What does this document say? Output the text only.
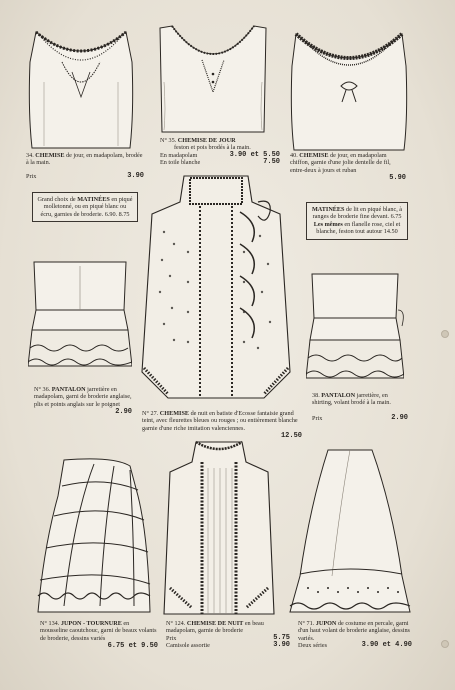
34. CHEMISE de jour, en madapolam, brodée à la main.
Prix	3.90
N° 35. CHEMISE DE JOUR
feston et pois brodés à la main.
En madapolam	3.90 et 5.50
En toile blanche	7.50
40. CHEMISE de jour, en madapolam chiffon, garnie d'une jolie dentelle de fil, entre-deux à jours et ruban
5.90
Grand choix de MATINÉES en piqué molletonné, ou en piqué blanc ou écru, garnies de broderie. 6.90. 8.75
MATINÉES de lit en piqué blanc, à ranges de broderie fine devant. 6.75
Les mêmes en flanelle rose, ciel et blanche, feston tout autour 14.50
N° 36. PANTALON jarretière en madapolam, garni de broderie anglaise, plis et points anglais sur le poignet
2.90 N° 27. CHEMISE de nuit en batiste d'Ecosse fantaisie grand teint, avec fleurettes bleues ou rouges ; ou entièrement blanche garnie d'une riche imitation valenciennes.
12.50
38. PANTALON jarretière, en shirting, volant brodé à la main.
Prix	2.90
N° 134. JUPON - TOURNURE en mousseline caoutchouc, garni de beaux volants de broderie, dessins variés
6.75 et 9.50
N° 124. CHEMISE DE NUIT en beau madapolam, garnie de broderie
Prix	5.75
Camisole assortie	3.90
N° 71. JUPON de costume en percale, garni d'un haut volant de broderie anglaise, dessins variés.
Deux séries	3.90 et 4.90
